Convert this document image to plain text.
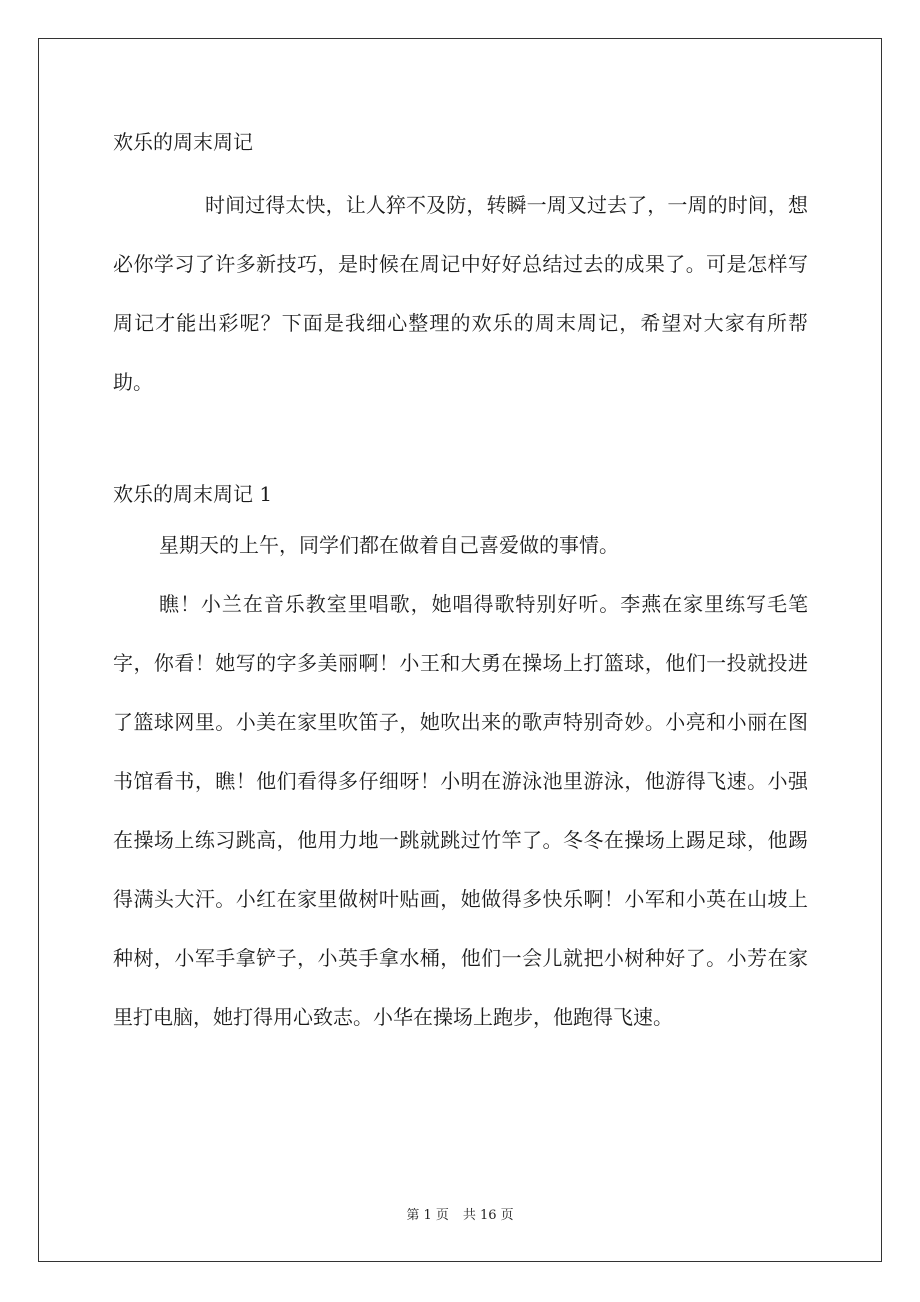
欢乐的周末周记

时间过得太快，让人猝不及防，转瞬一周又过去了，一周的时间，想必你学习了许多新技巧，是时候在周记中好好总结过去的成果了。可是怎样写周记才能出彩呢？下面是我细心整理的欢乐的周末周记，希望对大家有所帮助。

欢乐的周末周记 1

星期天的上午，同学们都在做着自己喜爱做的事情。

瞧！小兰在音乐教室里唱歌，她唱得歌特别好听。李燕在家里练写毛笔字，你看！她写的字多美丽啊！小王和大勇在操场上打篮球，他们一投就投进了篮球网里。小美在家里吹笛子，她吹出来的歌声特别奇妙。小亮和小丽在图书馆看书，瞧！他们看得多仔细呀！小明在游泳池里游泳，他游得飞速。小强在操场上练习跳高，他用力地一跳就跳过竹竿了。冬冬在操场上踢足球，他踢得满头大汗。小红在家里做树叶贴画，她做得多快乐啊！小军和小英在山坡上种树，小军手拿铲子，小英手拿水桶，他们一会儿就把小树种好了。小芳在家里打电脑，她打得用心致志。小华在操场上跑步，他跑得飞速。

第 1 页 共 16 页
